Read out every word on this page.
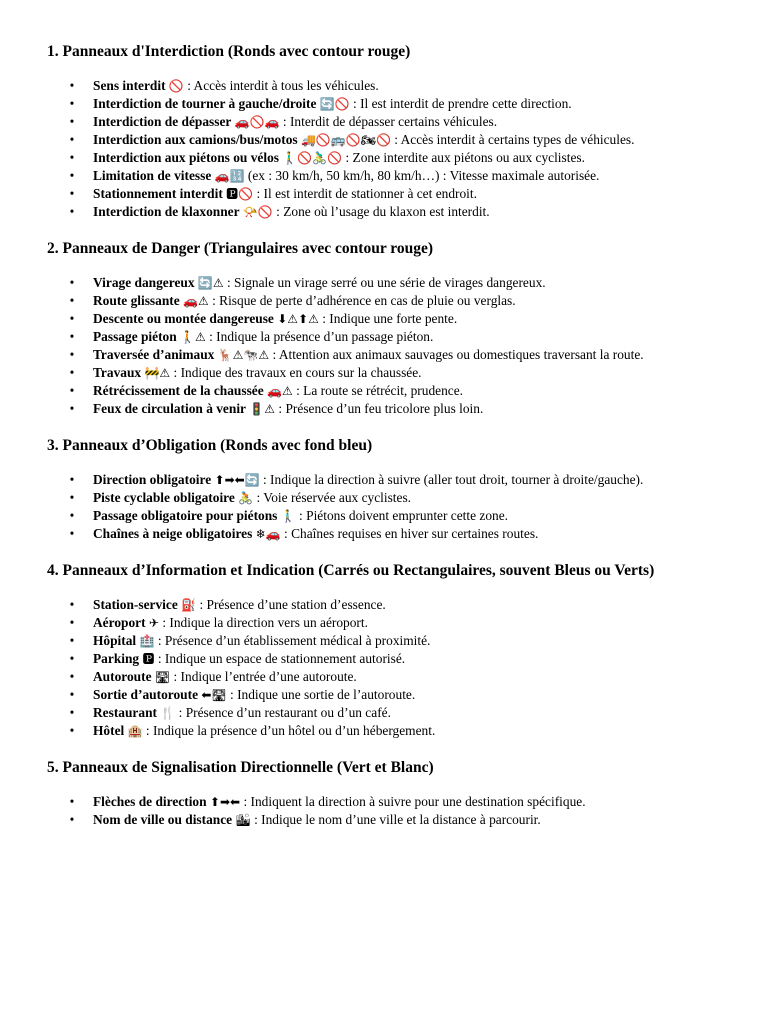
1. Panneaux d'Interdiction (Ronds avec contour rouge)
• Sens interdit 🚫 : Accès interdit à tous les véhicules.
• Interdiction de tourner à gauche/droite 🔄🚫 : Il est interdit de prendre cette direction.
• Interdiction de dépasser 🚗🚫🚗 : Interdit de dépasser certains véhicules.
• Interdiction aux camions/bus/motos 🚚🚫🚌🚫🏍🚫 : Accès interdit à certains types de véhicules.
• Interdiction aux piétons ou vélos 🚶‍♂️🚫🚴‍♂️🚫 : Zone interdite aux piétons ou aux cyclistes.
• Limitation de vitesse 🚗🔢 (ex : 30 km/h, 50 km/h, 80 km/h…) : Vitesse maximale autorisée.
• Stationnement interdit 🅿🚫 : Il est interdit de stationner à cet endroit.
• Interdiction de klaxonner 📯🚫 : Zone où l’usage du klaxon est interdit.
2. Panneaux de Danger (Triangulaires avec contour rouge)
• Virage dangereux 🔄⚠ : Signale un virage serré ou une série de virages dangereux.
• Route glissante 🚗⚠ : Risque de perte d’adhérence en cas de pluie ou verglas.
• Descente ou montée dangereuse ⬇⚠⬆⚠ : Indique une forte pente.
• Passage piéton 🚶⚠ : Indique la présence d’un passage piéton.
• Traversée d’animaux 🦌⚠🐄⚠ : Attention aux animaux sauvages ou domestiques traversant la route.
• Travaux 🚧⚠ : Indique des travaux en cours sur la chaussée.
• Rétrécissement de la chaussée 🚗⚠ : La route se rétrécit, prudence.
• Feux de circulation à venir 🚦⚠ : Présence d’un feu tricolore plus loin.
3. Panneaux d’Obligation (Ronds avec fond bleu)
• Direction obligatoire ⬆➡⬅🔄 : Indique la direction à suivre (aller tout droit, tourner à droite/gauche).
• Piste cyclable obligatoire 🚴 : Voie réservée aux cyclistes.
• Passage obligatoire pour piétons 🚶‍♂️ : Piétons doivent emprunter cette zone.
• Chaînes à neige obligatoires ❄🚗 : Chaînes requises en hiver sur certaines routes.
4. Panneaux d’Information et Indication (Carrés ou Rectangulaires, souvent Bleus ou Verts)
• Station-service ⛽ : Présence d’une station d’essence.
• Aéroport ✈ : Indique la direction vers un aéroport.
• Hôpital 🏥 : Présence d’un établissement médical à proximité.
• Parking 🅿 : Indique un espace de stationnement autorisé.
• Autoroute 🛣 : Indique l’entrée d’une autoroute.
• Sortie d’autoroute ⬅🛣 : Indique une sortie de l’autoroute.
• Restaurant 🍴 : Présence d’un restaurant ou d’un café.
• Hôtel 🏨 : Indique la présence d’un hôtel ou d’un hébergement.
5. Panneaux de Signalisation Directionnelle (Vert et Blanc)
• Flèches de direction ⬆➡⬅ : Indiquent la direction à suivre pour une destination spécifique.
• Nom de ville ou distance 🏙 : Indique le nom d’une ville et la distance à parcourir.
